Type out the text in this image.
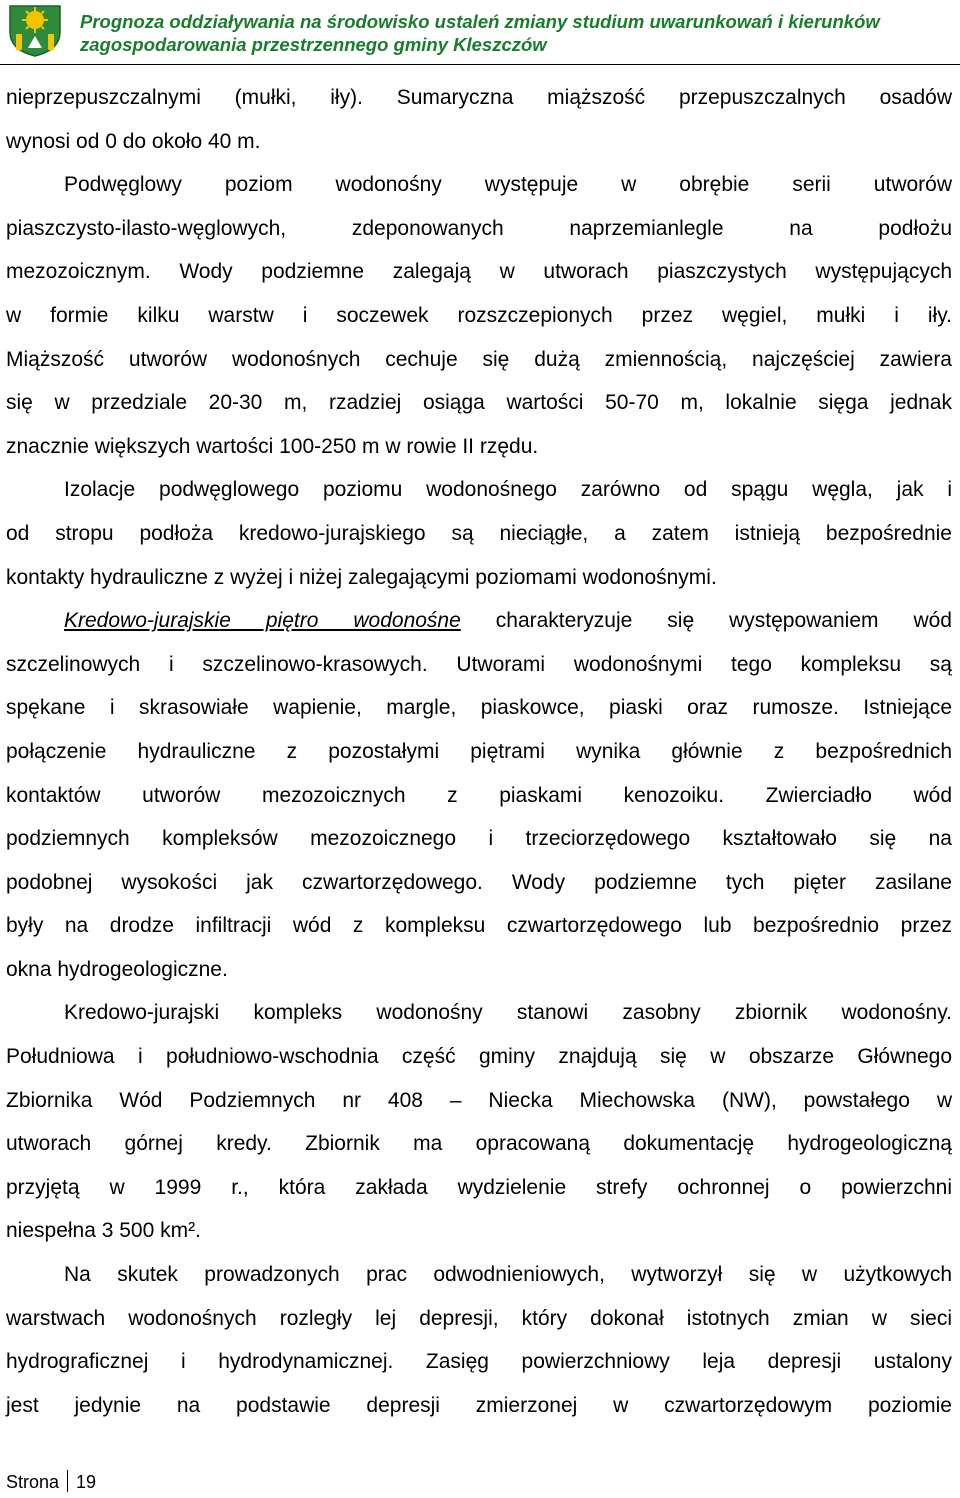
Prognoza oddziaływania na środowisko ustaleń zmiany studium uwarunkowań i kierunków
zagospodarowania przestrzennego gminy Kleszczów
nieprzepuszczalnymi (mułki, iły). Sumaryczna miąższość przepuszczalnych osadów
wynosi od 0 do około 40 m.
Podwęglowy poziom wodonośny występuje w obrębie serii utworów
piaszczysto-ilasto-węglowych, zdeponowanych naprzemianlegle na podłożu
mezozoicznym. Wody podziemne zalegają w utworach piaszczystych występujących
w formie kilku warstw i soczewek rozszczepionych przez węgiel, mułki i iły.
Miąższość utworów wodonośnych cechuje się dużą zmiennością, najczęściej zawiera
się w przedziale 20-30 m, rzadziej osiąga wartości 50-70 m, lokalnie sięga jednak
znacznie większych wartości 100-250 m w rowie II rzędu.
Izolacje podwęglowego poziomu wodonośnego zarówno od spągu węgla, jak i
od stropu podłoża kredowo-jurajskiego są nieciągłe, a zatem istnieją bezpośrednie
kontakty hydrauliczne z wyżej i niżej zalegającymi poziomami wodonośnymi.
Kredowo-jurajskie piętro wodonośne charakteryzuje się występowaniem wód
szczelinowych i szczelinowo-krasowych. Utworami wodonośnymi tego kompleksu są
spękane i skrasowiałe wapienie, margle, piaskowce, piaski oraz rumosze. Istniejące
połączenie hydrauliczne z pozostałymi piętrami wynika głównie z bezpośrednich
kontaktów utworów mezozoicznych z piaskami kenozoiku. Zwierciadło wód
podziemnych kompleksów mezozoicznego i trzeciorzędowego kształtowało się na
podobnej wysokości jak czwartorzędowego. Wody podziemne tych pięter zasilane
były na drodze infiltracji wód z kompleksu czwartorzędowego lub bezpośrednio przez
okna hydrogeologiczne.
Kredowo-jurajski kompleks wodonośny stanowi zasobny zbiornik wodonośny.
Południowa i południowo-wschodnia część gminy znajdują się w obszarze Głównego
Zbiornika Wód Podziemnych nr 408 – Niecka Miechowska (NW), powstałego w
utworach górnej kredy. Zbiornik ma opracowaną dokumentację hydrogeologiczną
przyjętą w 1999 r., która zakłada wydzielenie strefy ochronnej o powierzchni
niespełna 3 500 km².
Na skutek prowadzonych prac odwodnieniowych, wytworzył się w użytkowych
warstwach wodonośnych rozległy lej depresji, który dokonał istotnych zmian w sieci
hydrograficznej i hydrodynamicznej. Zasięg powierzchniowy leja depresji ustalony
jest jedynie na podstawie depresji zmierzonej w czwartorzędowym poziomie
Strona 19
